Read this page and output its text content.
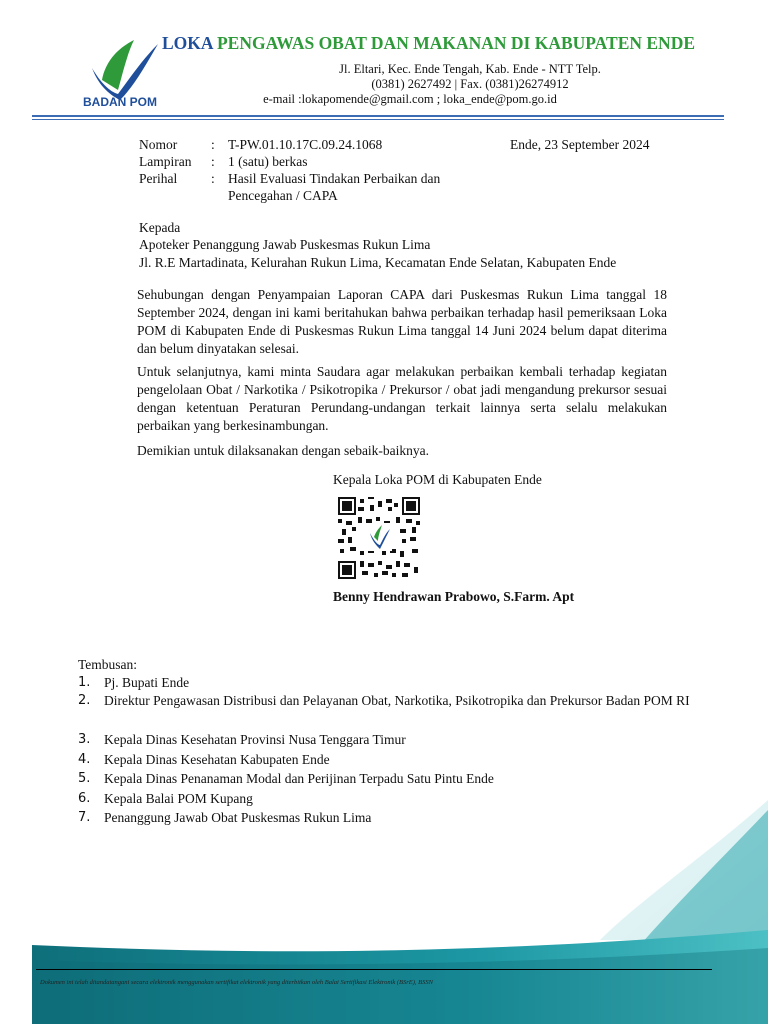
BADAN POM
LOKA PENGAWAS OBAT DAN MAKANAN DI KABUPATEN ENDE
Jl. Eltari, Kec. Ende Tengah, Kab. Ende - NTT Telp.
(0381) 2627492 | Fax. (0381)26274912
e-mail :lokapomende@gmail.com ; loka_ende@pom.go.id
Nomor	: T-PW.01.10.17C.09.24.1068	Ende, 23 September 2024
Lampiran : 1 (satu) berkas
Perihal	: Hasil Evaluasi Tindakan Perbaikan dan
Pencegahan / CAPA
Kepada
Apoteker Penanggung Jawab Puskesmas Rukun Lima
Jl. R.E Martadinata, Kelurahan Rukun Lima, Kecamatan Ende Selatan, Kabupaten Ende
Sehubungan dengan Penyampaian Laporan CAPA dari Puskesmas Rukun Lima tanggal 18 September 2024, dengan ini kami beritahukan bahwa perbaikan terhadap hasil pemeriksaan Loka POM di Kabupaten Ende di Puskesmas Rukun Lima tanggal 14 Juni 2024 belum dapat diterima dan belum dinyatakan selesai.
Untuk selanjutnya, kami minta Saudara agar melakukan perbaikan kembali terhadap kegiatan pengelolaan Obat / Narkotika / Psikotropika / Prekursor / obat jadi mengandung prekursor sesuai dengan ketentuan Peraturan Perundang-undangan terkait lainnya serta selalu melakukan perbaikan yang berkesinambungan.
Demikian untuk dilaksanakan dengan sebaik-baiknya.
Kepala Loka POM di Kabupaten Ende
Benny Hendrawan Prabowo, S.Farm. Apt
Tembusan:
1.	Pj. Bupati Ende
2.	Direktur Pengawasan Distribusi dan Pelayanan Obat, Narkotika, Psikotropika dan Prekursor Badan POM RI
3.	Kepala Dinas Kesehatan Provinsi Nusa Tenggara Timur
4.	Kepala Dinas Kesehatan Kabupaten Ende
5.	Kepala Dinas Penanaman Modal dan Perijinan Terpadu Satu Pintu Ende
6.	Kepala Balai POM Kupang
7.	Penanggung Jawab Obat Puskesmas Rukun Lima
Dokumen ini telah ditandatangani secara elektronik menggunakan sertifikat elektronik yang diterbitkan oleh Balai Sertifikasi Elektronik (BSrE), BSSN
